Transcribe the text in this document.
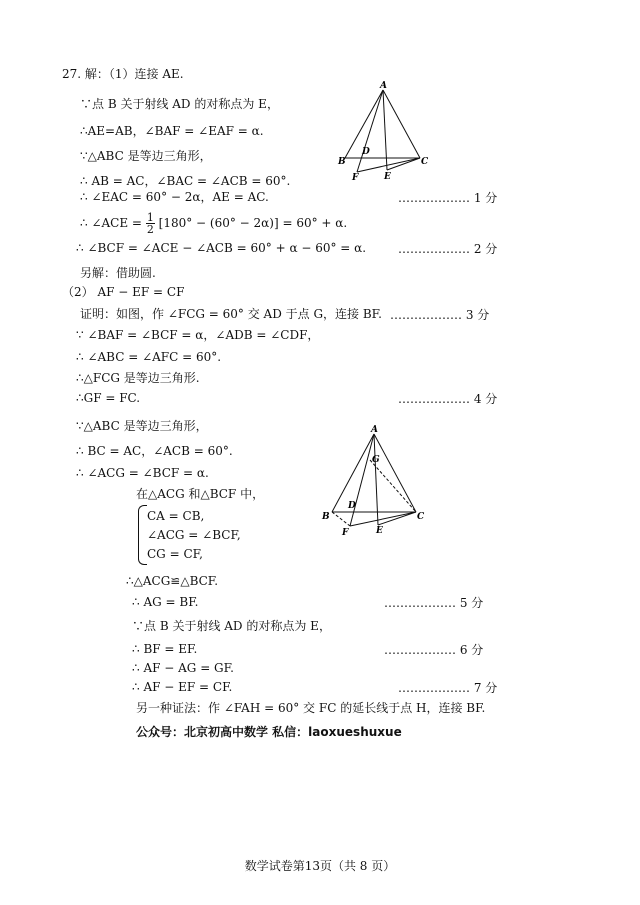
27. 解：（1）连接 AE.
∵点 B 关于射线 AD 的对称点为 E，
∴AE=AB，∠BAF = ∠EAF = α.
∵△ABC 是等边三角形，
∴ AB = AC，∠BAC = ∠ACB = 60°.
∴ ∠EAC = 60° − 2α，AE = AC.	……………… 1 分
∴ ∠ACE = $\frac{1}{2} [180^\circ - (60^\circ - 2\alpha)] = 60^\circ + \alpha$.
∴ ∠BCF = ∠ACE − ∠ACB = 60° + α − 60° = α.	……………… 2 分
另解：借助圆.
A
B	C
D
E
F
（2） AF − EF = CF
证明：如图，作 ∠FCG = 60° 交 AD 于点 G，连接 BF. ……………… 3 分
∵ ∠BAF = ∠BCF = α，∠ADB = ∠CDF，
∴ ∠ABC = ∠AFC = 60°.
∴△FCG 是等边三角形.
∴GF = FC.	……………… 4 分
∵△ABC 是等边三角形，
∴ BC = AC，∠ACB = 60°.
∴ ∠ACG = ∠BCF = α.
在△ACG 和△BCF 中，
CA = CB,
∠ACG = ∠BCF,
CG = CF,
∴△ACG≌△BCF.
∴ AG = BF.	……………… 5 分
∵点 B 关于射线 AD 的对称点为 E，
∴ BF = EF.	……………… 6 分
∴ AF − AG = GF.
∴ AF − EF = CF.	……………… 7 分
另一种证法：作 ∠FAH = 60° 交 FC 的延长线于点 H，连接 BF.
公众号：北京初高中数学 私信：laoxueshuxue
A
B	C
D
E
F
G
数学试卷第13页（共 8 页）
